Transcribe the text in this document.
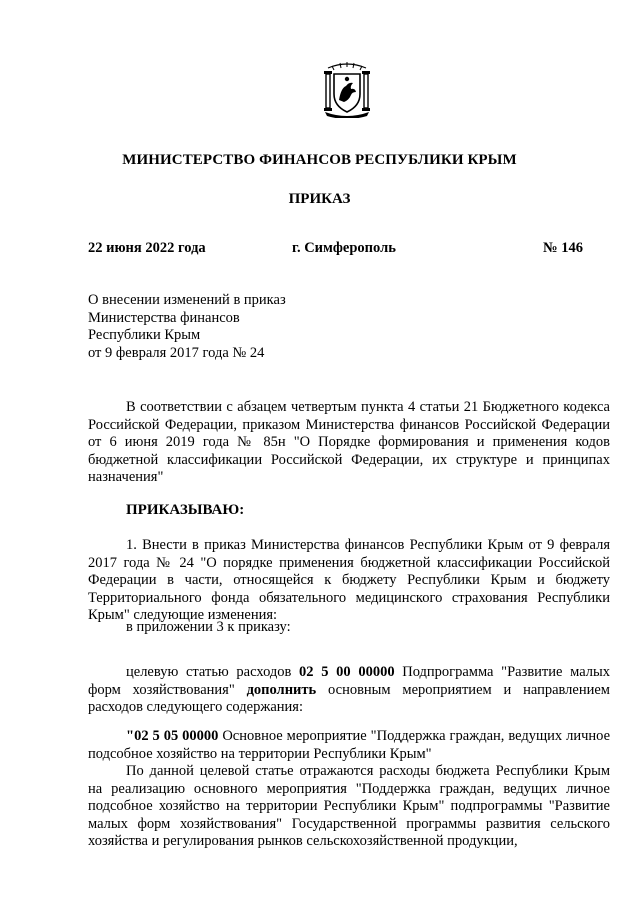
МИНИСТЕРСТВО ФИНАНСОВ РЕСПУБЛИКИ КРЫМ
ПРИКАЗ
22 июня 2022 года	г. Симферополь	№ 146
О внесении изменений в приказ
Министерства финансов
Республики Крым
от 9 февраля 2017 года № 24
В соответствии с абзацем четвертым пункта 4 статьи 21 Бюджетного кодекса Российской Федерации, приказом Министерства финансов Российской Федерации от 6 июня 2019 года № 85н "О Порядке формирования и применения кодов бюджетной классификации Российской Федерации, их структуре и принципах назначения"
ПРИКАЗЫВАЮ:
1. Внести в приказ Министерства финансов Республики Крым от 9 февраля 2017 года № 24 "О порядке применения бюджетной классификации Российской Федерации в части, относящейся к бюджету Республики Крым и бюджету Территориального фонда обязательного медицинского страхования Республики Крым" следующие изменения:
в приложении 3 к приказу:
целевую статью расходов 02 5 00 00000 Подпрограмма "Развитие малых форм хозяйствования" дополнить основным мероприятием и направлением расходов следующего содержания:
"02 5 05 00000 Основное мероприятие "Поддержка граждан, ведущих личное подсобное хозяйство на территории Республики Крым"
По данной целевой статье отражаются расходы бюджета Республики Крым на реализацию основного мероприятия "Поддержка граждан, ведущих личное подсобное хозяйство на территории Республики Крым" подпрограммы "Развитие малых форм хозяйствования" Государственной программы развития сельского хозяйства и регулирования рынков сельскохозяйственной продукции,
